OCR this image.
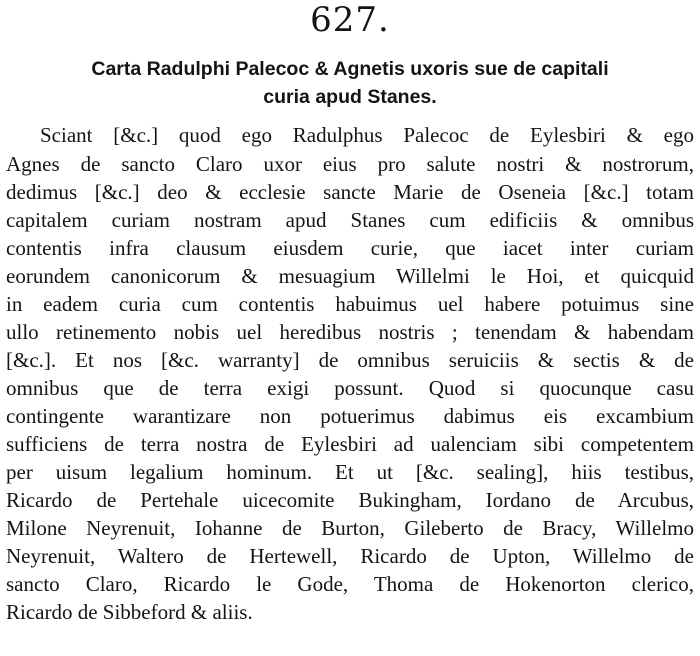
627.
Carta Radulphi Palecoc & Agnetis uxoris sue de capitali
curia apud Stanes.
Sciant [&c.] quod ego Radulphus Palecoc de Eylesbiri & ego
Agnes de sancto Claro uxor eius pro salute nostri & nostrorum,
dedimus [&c.] deo & ecclesie sancte Marie de Oseneia [&c.] totam
capitalem curiam nostram apud Stanes cum edificiis & omnibus
contentis infra clausum eiusdem curie, que iacet inter curiam
eorundem canonicorum & mesuagium Willelmi le Hoi, et quicquid
in eadem curia cum contentis habuimus uel habere potuimus sine
ullo retinemento nobis uel heredibus nostris ; tenendam & habendam
[&c.]. Et nos [&c. warranty] de omnibus seruiciis & sectis & de
omnibus que de terra exigi possunt. Quod si quocunque casu
contingente warantizare non potuerimus dabimus eis excambium
sufficiens de terra nostra de Eylesbiri ad ualenciam sibi competentem
per uisum legalium hominum. Et ut [&c. sealing], hiis testibus,
Ricardo de Pertehale uicecomite Bukingham, Iordano de Arcubus,
Milone Neyrenuit, Iohanne de Burton, Gileberto de Bracy, Willelmo
Neyrenuit, Waltero de Hertewell, Ricardo de Upton, Willelmo de
sancto Claro, Ricardo le Gode, Thoma de Hokenorton clerico,
Ricardo de Sibbeford & aliis.
